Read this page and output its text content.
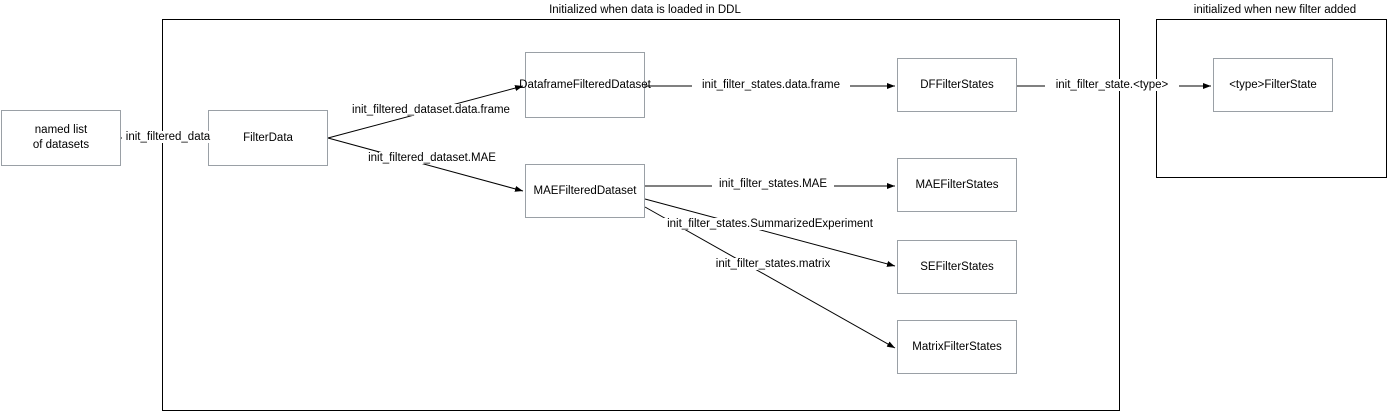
Initialized when data is loaded in DDL	initialized when new filter added
named list
of datasets
FilterData
DataframeFilteredDataset
MAEFilteredDataset
DFFilterStates
MAEFilterStates
SEFilterStates
MatrixFilterStates
<type>FilterState
init_filtered_data
init_filtered_dataset.data.frame
init_filtered_dataset.MAE
init_filter_states.data.frame
init_filter_states.MAE
init_filter_states.SummarizedExperiment
init_filter_states.matrix
init_filter_state.<type>
